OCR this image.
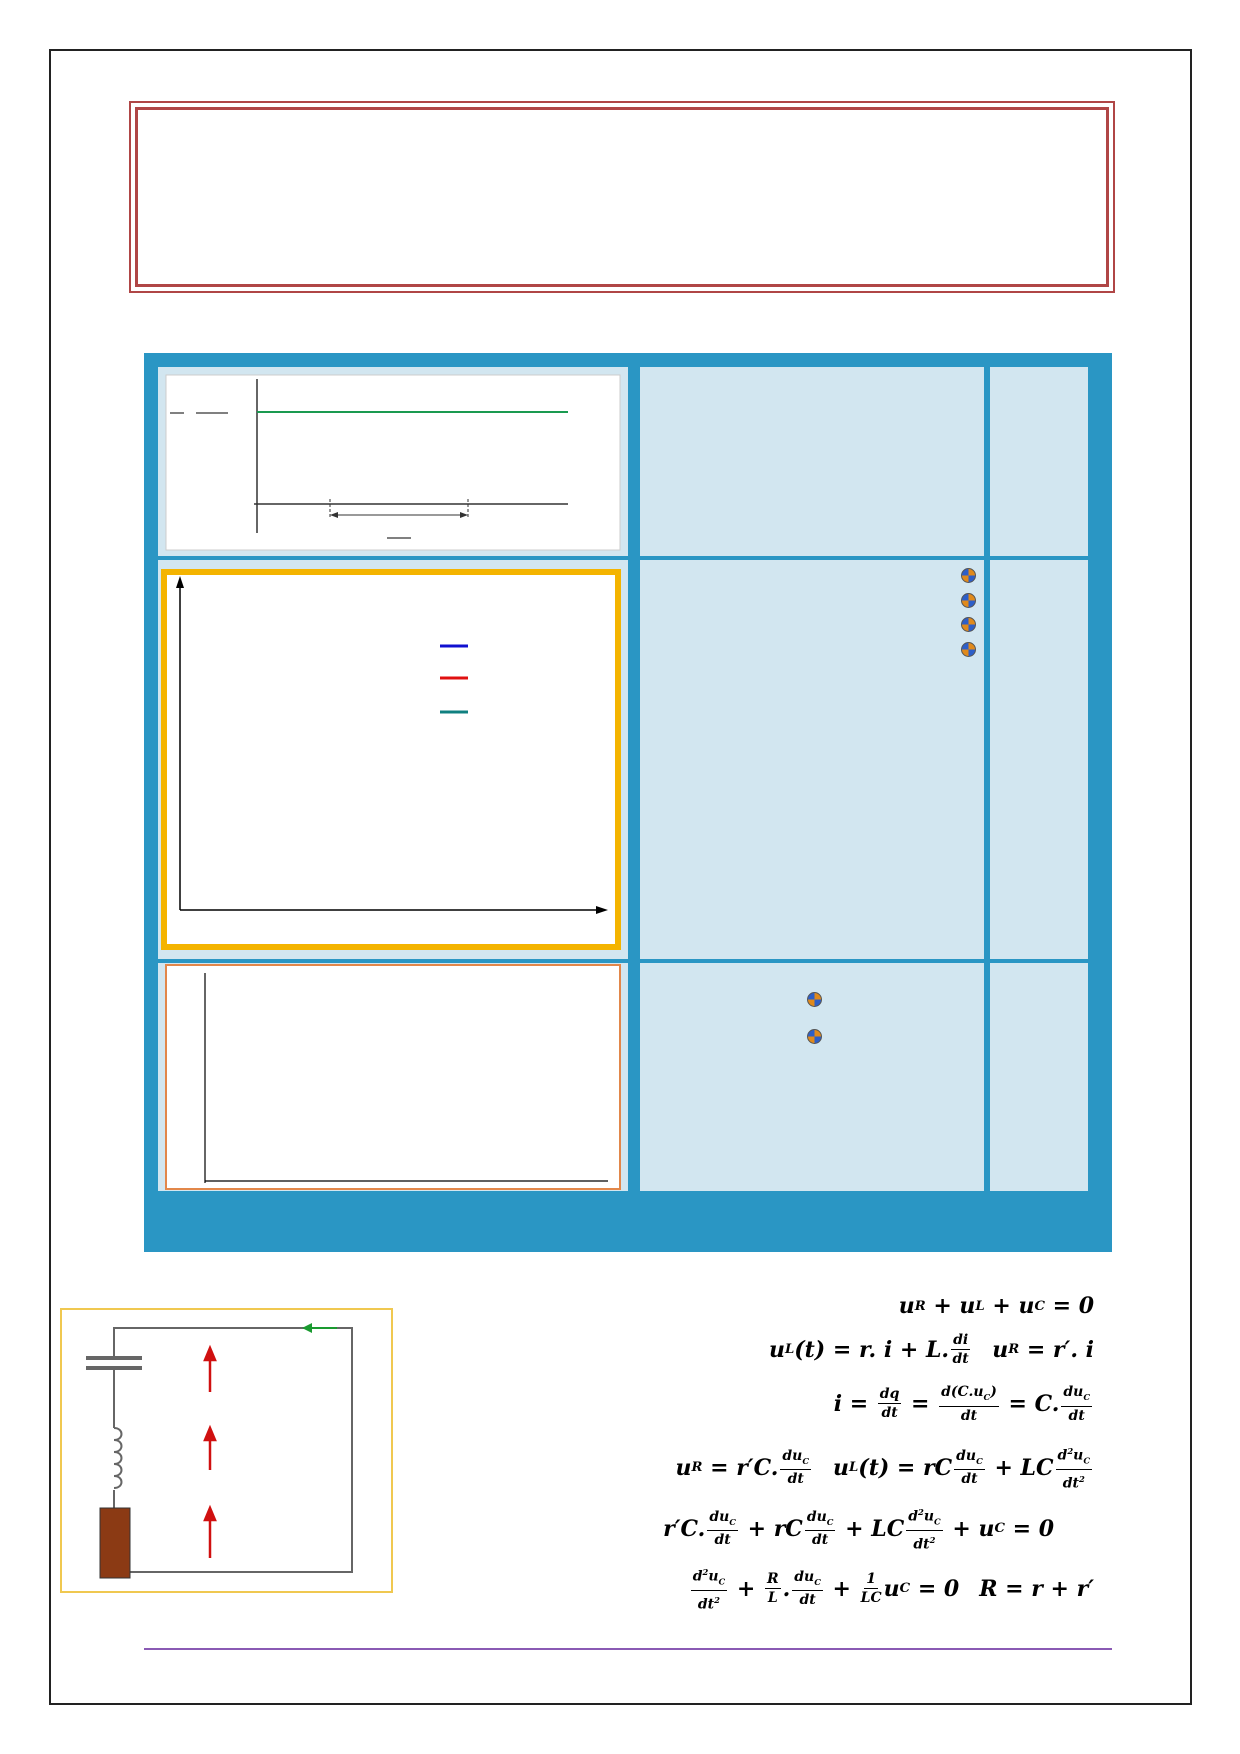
u R + u L + u C = 0
u R = r′. i
u L (t) = r. i + L. di
dt
i = dq
dt = $d(C.u_C)$
dt = C. $du_C$
dt
u L (t) = rC $du_C$
dt + LC $d^2u_C$
$dt^2$
u R = r′C. $du_C$
dt
r′C. $du_C$
dt + rC $du_C$
dt + LC $d^2u_C$
$dt^2 + u$ C = 0
R = r + r′
$d^2u_C$
$dt^2 + R$
L . $du_C$
dt + 1
LC u C = 0
